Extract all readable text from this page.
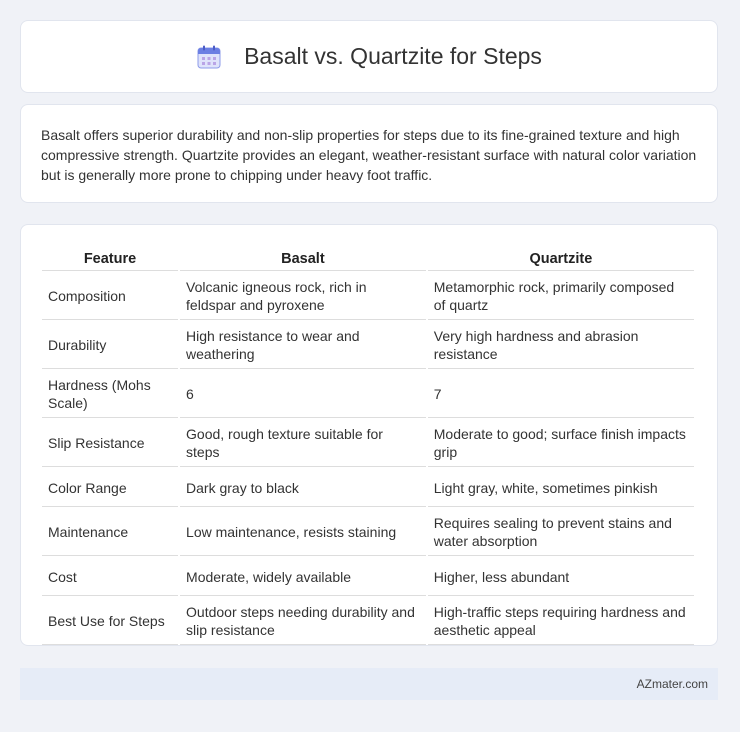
Basalt vs. Quartzite for Steps

Basalt offers superior durability and non-slip properties for steps due to its fine-grained texture and high compressive strength. Quartzite provides an elegant, weather-resistant surface with natural color variation but is generally more prone to chipping under heavy foot traffic.

Feature	Basalt	Quartzite
Composition	Volcanic igneous rock, rich in feldspar and pyroxene	Metamorphic rock, primarily composed of quartz
Durability	High resistance to wear and weathering	Very high hardness and abrasion resistance
Hardness (Mohs Scale)	6	7
Slip Resistance	Good, rough texture suitable for steps	Moderate to good; surface finish impacts grip
Color Range	Dark gray to black	Light gray, white, sometimes pinkish
Maintenance	Low maintenance, resists staining	Requires sealing to prevent stains and water absorption
Cost	Moderate, widely available	Higher, less abundant
Best Use for Steps	Outdoor steps needing durability and slip resistance	High-traffic steps requiring hardness and aesthetic appeal
AZmater.com
